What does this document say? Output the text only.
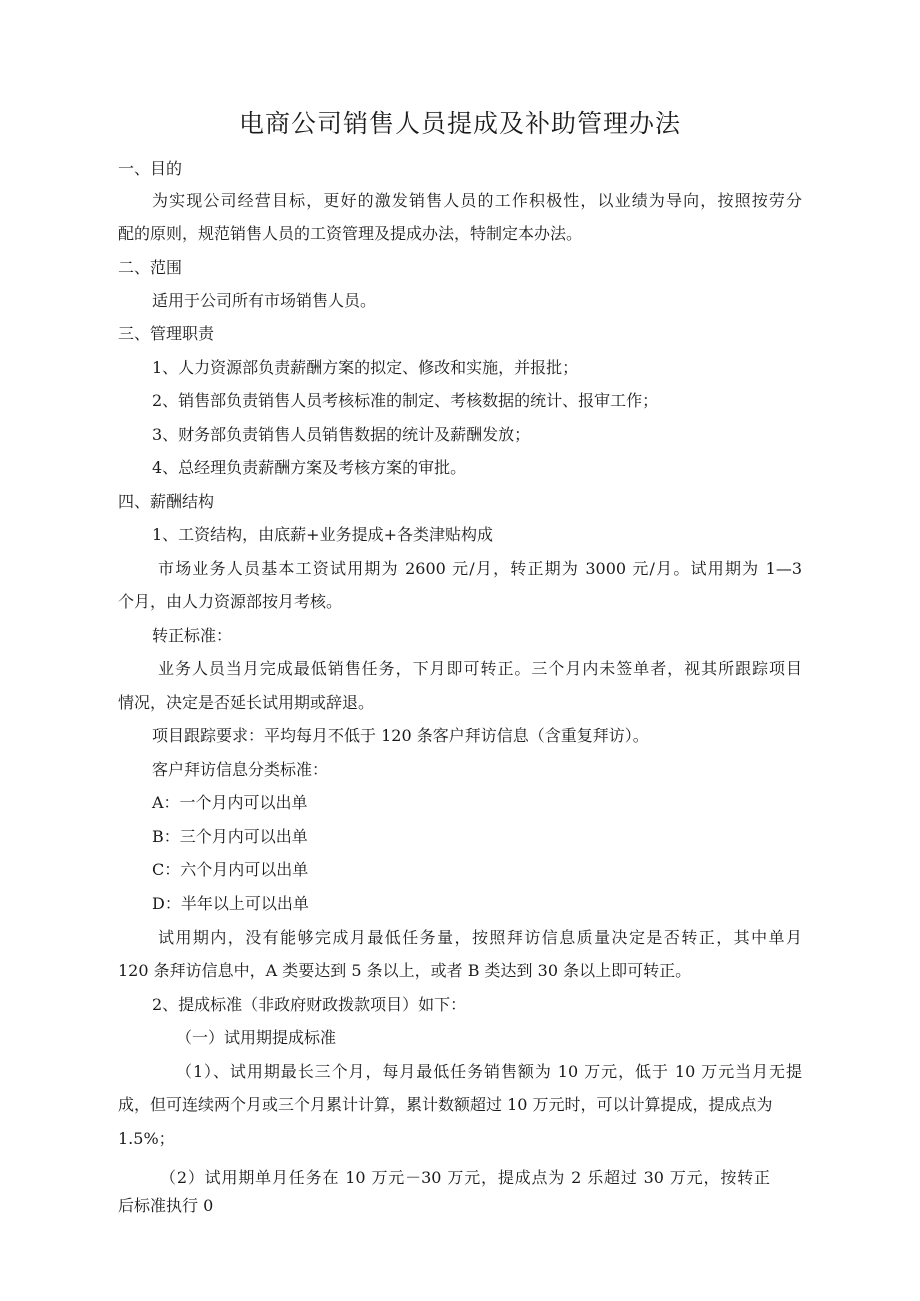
电商公司销售人员提成及补助管理办法
一、目的
为实现公司经营目标，更好的激发销售人员的工作积极性，以业绩为导向，按照按劳分
配的原则，规范销售人员的工资管理及提成办法，特制定本办法。
二、范围
适用于公司所有市场销售人员。
三、管理职责
1、人力资源部负责薪酬方案的拟定、修改和实施，并报批；
2、销售部负责销售人员考核标准的制定、考核数据的统计、报审工作；
3、财务部负责销售人员销售数据的统计及薪酬发放；
4、总经理负责薪酬方案及考核方案的审批。
四、薪酬结构
1、工资结构，由底薪+业务提成+各类津贴构成
市场业务人员基本工资试用期为 2600 元/月，转正期为 3000 元/月。试用期为 1—3
个月，由人力资源部按月考核。
转正标准：
业务人员当月完成最低销售任务，下月即可转正。三个月内未签单者，视其所跟踪项目
情况，决定是否延长试用期或辞退。
项目跟踪要求：平均每月不低于 120 条客户拜访信息（含重复拜访）。
客户拜访信息分类标准：
A：一个月内可以出单
B：三个月内可以出单
C：六个月内可以出单
D：半年以上可以出单
试用期内，没有能够完成月最低任务量，按照拜访信息质量决定是否转正，其中单月
120 条拜访信息中，A 类要达到 5 条以上，或者 B 类达到 30 条以上即可转正。
2、提成标准（非政府财政拨款项目）如下：
（一）试用期提成标准
（1）、试用期最长三个月，每月最低任务销售额为 10 万元，低于 10 万元当月无提
成，但可连续两个月或三个月累计计算，累计数额超过 10 万元时，可以计算提成，提成点为
1.5%；
（2）试用期单月任务在 10 万元－30 万元，提成点为 2 乐超过 30 万元，按转正
后标准执行 0
